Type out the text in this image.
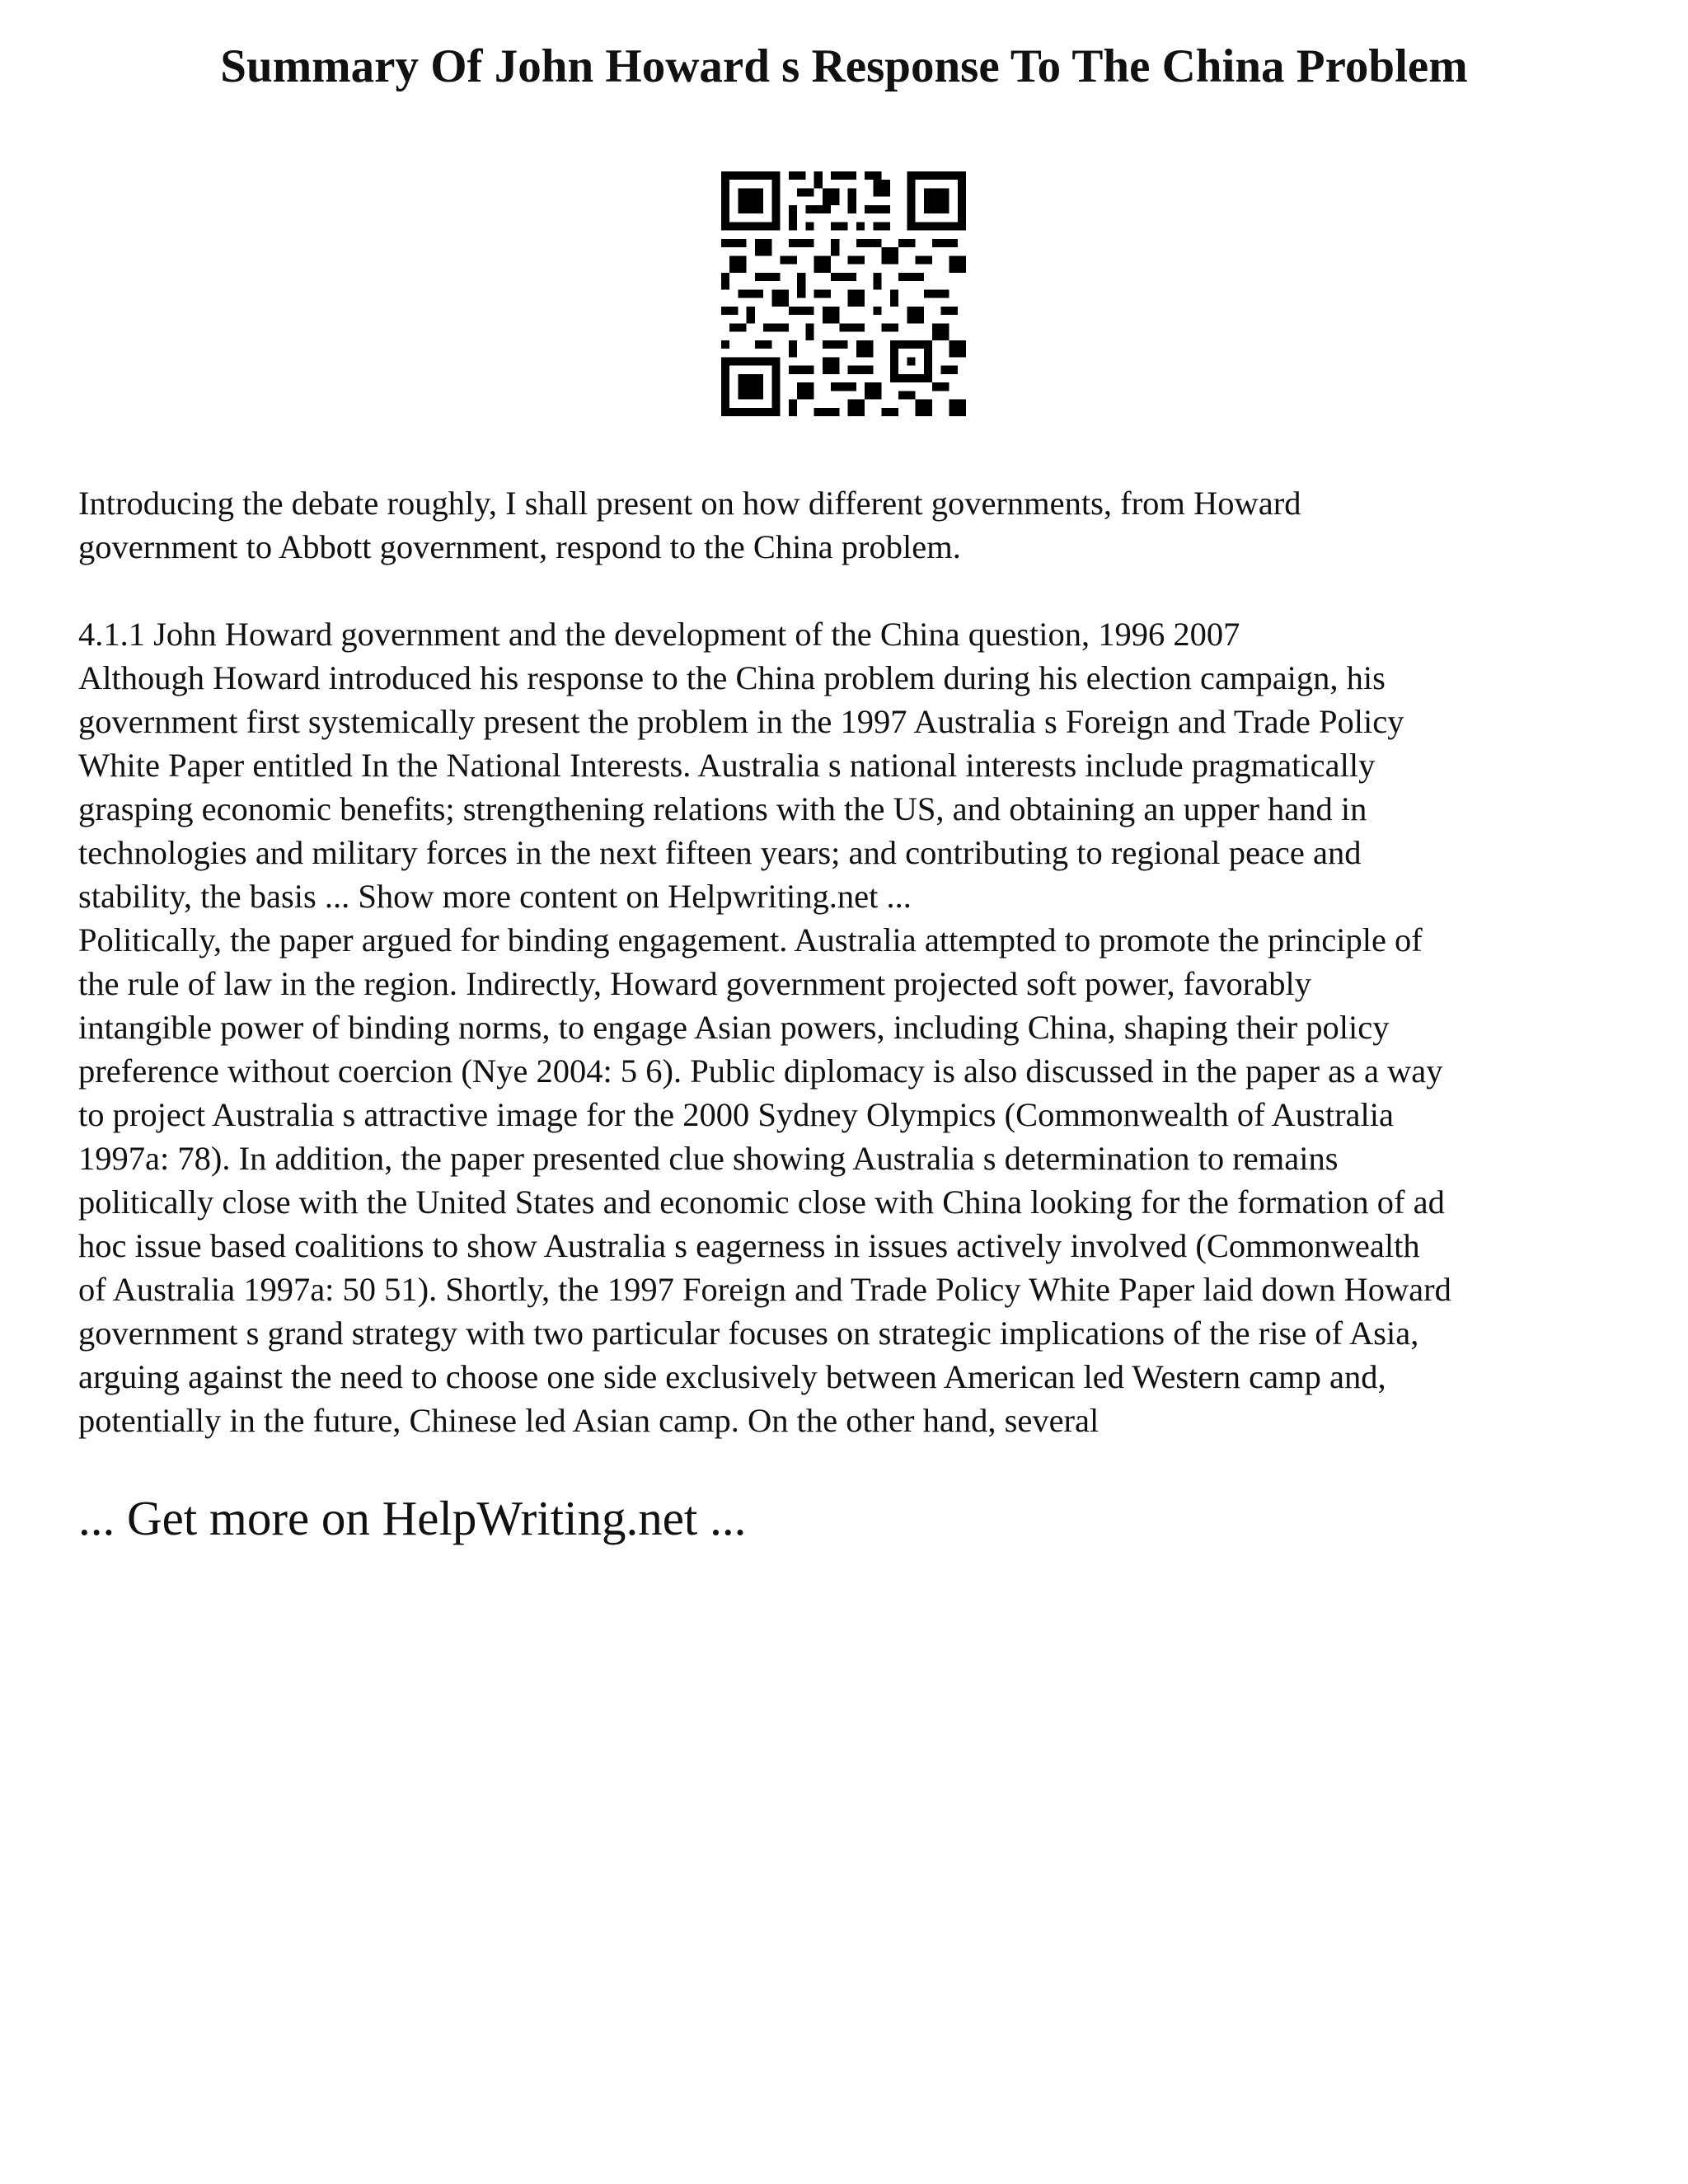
Summary Of John Howard s Response To The China Problem

Introducing the debate roughly, I shall present on how different governments, from Howard

government to Abbott government, respond to the China problem.

4.1.1 John Howard government and the development of the China question, 1996 2007

Although Howard introduced his response to the China problem during his election campaign, his

government first systemically present the problem in the 1997 Australia s Foreign and Trade Policy

White Paper entitled In the National Interests. Australia s national interests include pragmatically

grasping economic benefits; strengthening relations with the US, and obtaining an upper hand in

technologies and military forces in the next fifteen years; and contributing to regional peace and

stability, the basis ... Show more content on Helpwriting.net ...

Politically, the paper argued for binding engagement. Australia attempted to promote the principle of

the rule of law in the region. Indirectly, Howard government projected soft power, favorably

intangible power of binding norms, to engage Asian powers, including China, shaping their policy

preference without coercion (Nye 2004: 5 6). Public diplomacy is also discussed in the paper as a way

to project Australia s attractive image for the 2000 Sydney Olympics (Commonwealth of Australia

1997a: 78). In addition, the paper presented clue showing Australia s determination to remains

politically close with the United States and economic close with China looking for the formation of ad

hoc issue based coalitions to show Australia s eagerness in issues actively involved (Commonwealth

of Australia 1997a: 50 51). Shortly, the 1997 Foreign and Trade Policy White Paper laid down Howard

government s grand strategy with two particular focuses on strategic implications of the rise of Asia,

arguing against the need to choose one side exclusively between American led Western camp and,

potentially in the future, Chinese led Asian camp. On the other hand, several

... Get more on HelpWriting.net ...
